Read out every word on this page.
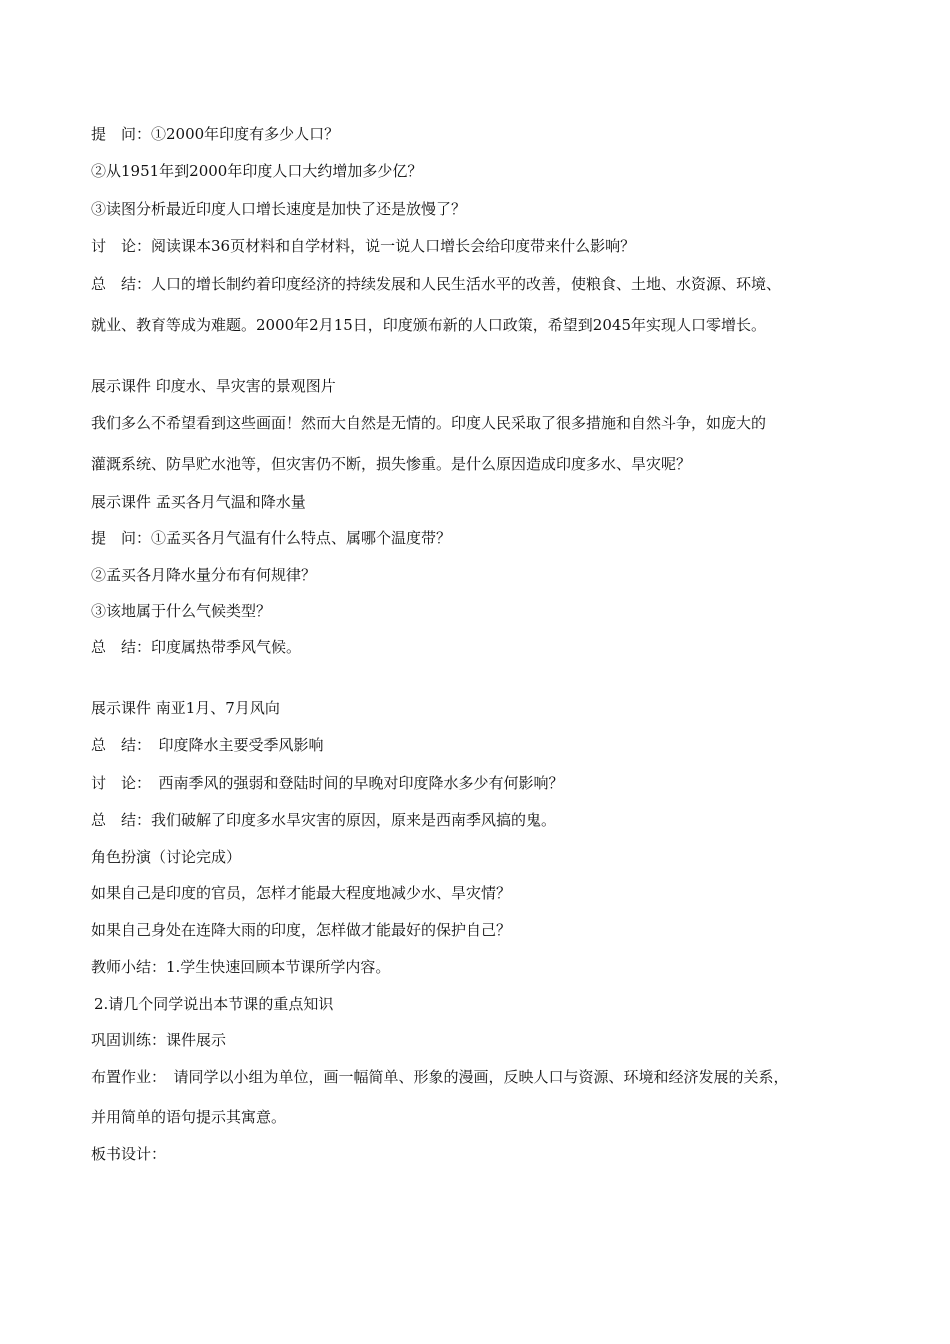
提　问：①2000年印度有多少人口？
②从1951年到2000年印度人口大约增加多少亿？
③读图分析最近印度人口增长速度是加快了还是放慢了？
讨　论：阅读课本36页材料和自学材料，说一说人口增长会给印度带来什么影响？
总　结：人口的增长制约着印度经济的持续发展和人民生活水平的改善，使粮食、土地、水资源、环境、
就业、教育等成为难题。2000年2月15日，印度颁布新的人口政策，希望到2045年实现人口零增长。
展示课件 印度水、旱灾害的景观图片
我们多么不希望看到这些画面！然而大自然是无情的。印度人民采取了很多措施和自然斗争，如庞大的
灌溉系统、防旱贮水池等，但灾害仍不断，损失惨重。是什么原因造成印度多水、旱灾呢？
展示课件 孟买各月气温和降水量
提　问：①孟买各月气温有什么特点、属哪个温度带？
②孟买各月降水量分布有何规律？
③该地属于什么气候类型？
总　结：印度属热带季风气候。
展示课件 南亚1月、7月风向
总　结：　印度降水主要受季风影响
讨　论：　西南季风的强弱和登陆时间的早晚对印度降水多少有何影响？
总　结：我们破解了印度多水旱灾害的原因，原来是西南季风搞的鬼。
角色扮演（讨论完成）
如果自己是印度的官员，怎样才能最大程度地减少水、旱灾情？
如果自己身处在连降大雨的印度，怎样做才能最好的保护自己？
教师小结：1.学生快速回顾本节课所学内容。
2.请几个同学说出本节课的重点知识
巩固训练：课件展示
布置作业：　请同学以小组为单位，画一幅简单、形象的漫画，反映人口与资源、环境和经济发展的关系，
并用简单的语句提示其寓意。
板书设计：
